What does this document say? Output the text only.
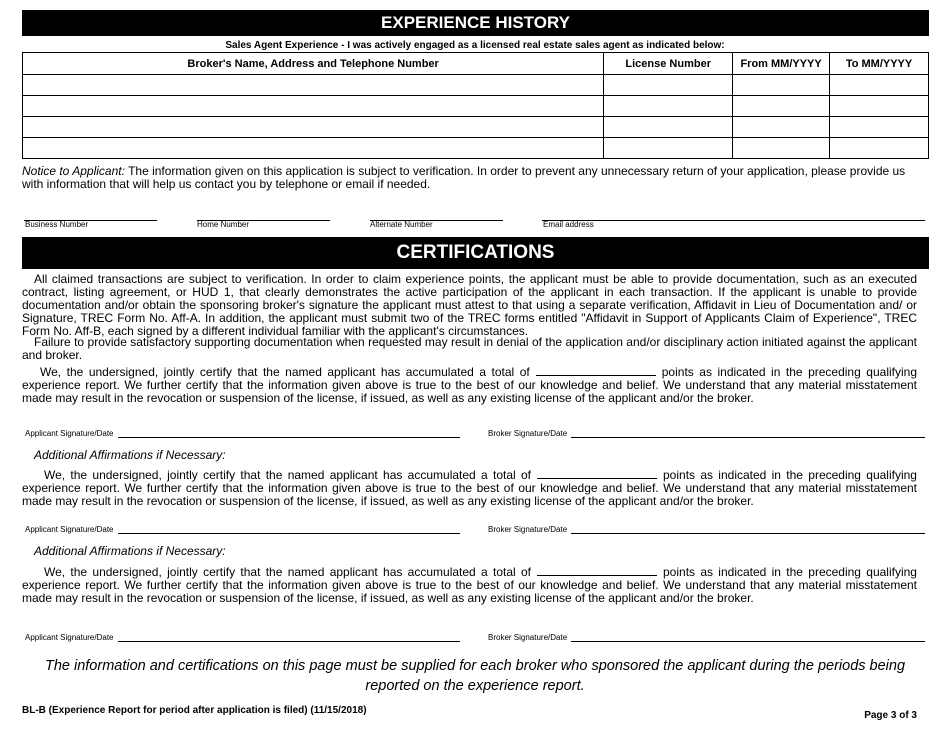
EXPERIENCE HISTORY
Sales Agent Experience - I was actively engaged as a licensed real estate sales agent as indicated below:
Broker's Name, Address and Telephone Number	License Number	From MM/YYYY	To MM/YYYY

Notice to Applicant: The information given on this application is subject to verification. In order to prevent any unnecessary return of your application, please provide us with information that will help us contact you by telephone or email if needed.
Business Number	Home Number	Alternate Number	Email address
CERTIFICATIONS
All claimed transactions are subject to verification. In order to claim experience points, the applicant must be able to provide documentation, such as an executed contract, listing agreement, or HUD 1, that clearly demonstrates the active participation of the applicant in each transaction. If the applicant is unable to provide documentation and/or obtain the sponsoring broker's signature the applicant must attest to that using a separate verification, Affidavit in Lieu of Documentation and/ or Signature, TREC Form No. Aff-A. In addition, the applicant must submit two of the TREC forms entitled "Affidavit in Support of Applicants Claim of Experience", TREC Form No. Aff-B, each signed by a different individual familiar with the applicant's circumstances.
Failure to provide satisfactory supporting documentation when requested may result in denial of the application and/or disciplinary action initiated against the applicant and broker.
We, the undersigned, jointly certify that the named applicant has accumulated a total of	points as indicated in the preceding qualifying experience report. We further certify that the information given above is true to the best of our knowledge and belief. We understand that any material misstatement made may result in the revocation or suspension of the license, if issued, as well as any existing license of the applicant and/or the broker.
Applicant Signature/Date	Broker Signature/Date
Additional Affirmations if Necessary:
We, the undersigned, jointly certify that the named applicant has accumulated a total of	points as indicated in the preceding qualifying experience report. We further certify that the information given above is true to the best of our knowledge and belief. We understand that any material misstatement made may result in the revocation or suspension of the license, if issued, as well as any existing license of the applicant and/or the broker.
Applicant Signature/Date	Broker Signature/Date
Additional Affirmations if Necessary:
We, the undersigned, jointly certify that the named applicant has accumulated a total of	points as indicated in the preceding qualifying experience report. We further certify that the information given above is true to the best of our knowledge and belief. We understand that any material misstatement made may result in the revocation or suspension of the license, if issued, as well as any existing license of the applicant and/or the broker.
Applicant Signature/Date	Broker Signature/Date
The information and certifications on this page must be supplied for each broker who sponsored the applicant during the periods being reported on the experience report.
BL-B (Experience Report for period after application is filed) (11/15/2018)	Page 3 of 3
